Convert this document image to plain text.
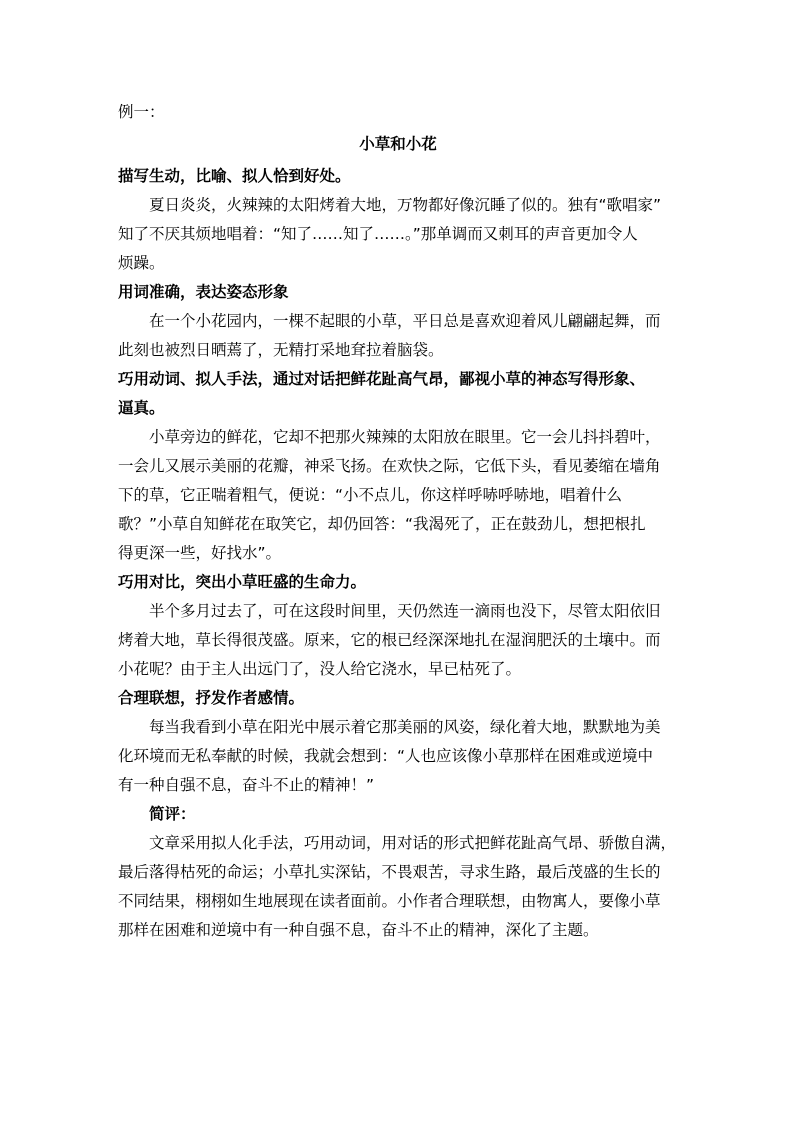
例一：
小草和小花
描写生动，比喻、拟人恰到好处。
　　夏日炎炎，火辣辣的太阳烤着大地，万物都好像沉睡了似的。独有“歌唱家”
知了不厌其烦地唱着：“知了……知了……。”那单调而又刺耳的声音更加令人
烦躁。
用词准确，表达姿态形象
　　在一个小花园内，一棵不起眼的小草，平日总是喜欢迎着风儿翩翩起舞，而
此刻也被烈日晒蔫了，无精打采地耷拉着脑袋。
巧用动词、拟人手法，通过对话把鲜花趾高气昂，鄙视小草的神态写得形象、
逼真。
　　小草旁边的鲜花，它却不把那火辣辣的太阳放在眼里。它一会儿抖抖碧叶，
一会儿又展示美丽的花瓣，神采飞扬。在欢快之际，它低下头，看见萎缩在墙角
下的草，它正喘着粗气，便说：“小不点儿，你这样呼哧呼哧地，唱着什么
歌？”小草自知鲜花在取笑它，却仍回答：“我渴死了，正在鼓劲儿，想把根扎
得更深一些，好找水”。
巧用对比，突出小草旺盛的生命力。
　　半个多月过去了，可在这段时间里，天仍然连一滴雨也没下，尽管太阳依旧
烤着大地，草长得很茂盛。原来，它的根已经深深地扎在湿润肥沃的土壤中。而
小花呢？由于主人出远门了，没人给它浇水，早已枯死了。
合理联想，抒发作者感情。
　　每当我看到小草在阳光中展示着它那美丽的风姿，绿化着大地，默默地为美
化环境而无私奉献的时候，我就会想到：“人也应该像小草那样在困难或逆境中
有一种自强不息，奋斗不止的精神！”
简评：
　　文章采用拟人化手法，巧用动词，用对话的形式把鲜花趾高气昂、骄傲自满，
最后落得枯死的命运；小草扎实深钻，不畏艰苦，寻求生路，最后茂盛的生长的
不同结果，栩栩如生地展现在读者面前。小作者合理联想，由物寓人，要像小草
那样在困难和逆境中有一种自强不息，奋斗不止的精神，深化了主题。
